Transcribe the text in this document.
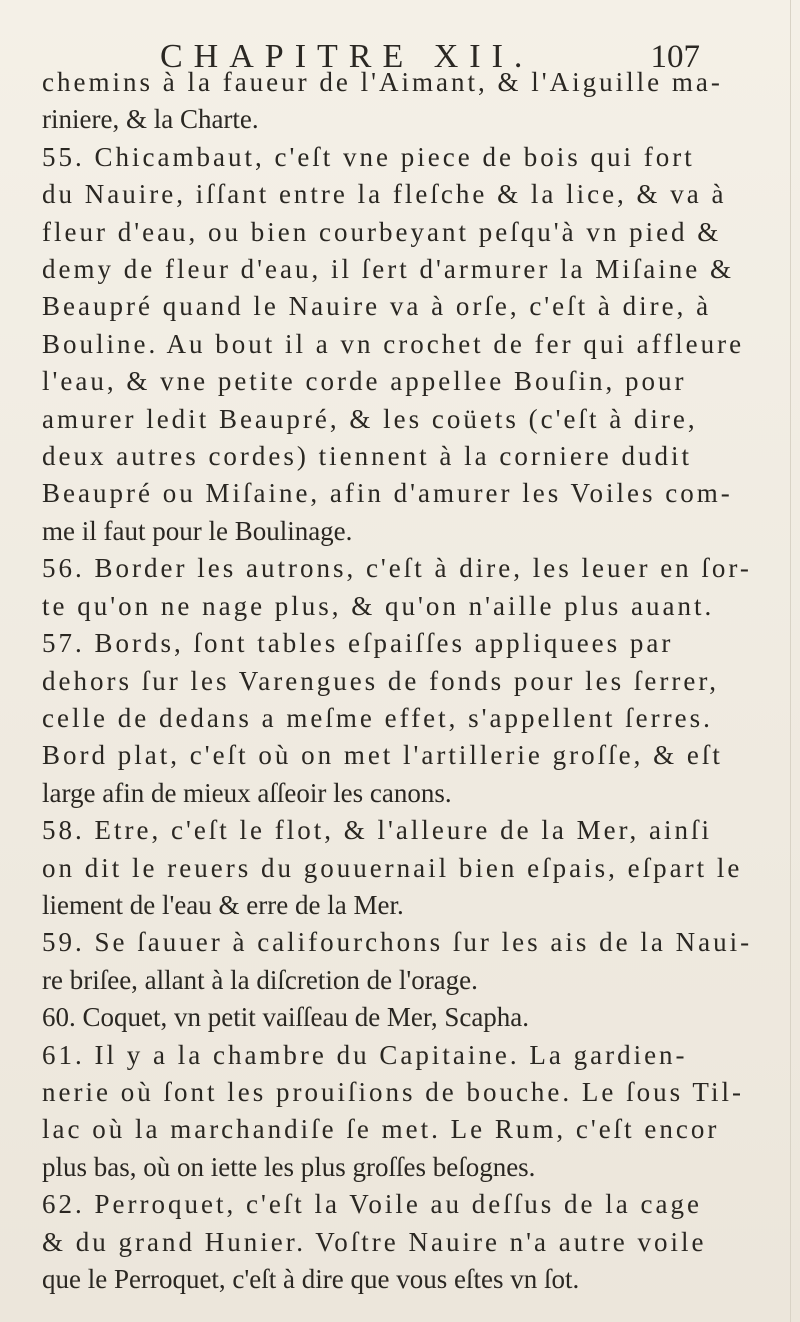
CHAPITRE XII.	107
chemins à la faueur de l'Aimant, & l'Aiguille ma-
riniere, & la Charte.
55. Chicambaut, c'eſt vne piece de bois qui fort
du Nauire, iſſant entre la fleſche & la lice, & va à
fleur d'eau, ou bien courbeyant peſqu'à vn pied &
demy de fleur d'eau, il ſert d'armurer la Miſaine &
Beaupré quand le Nauire va à orſe, c'eſt à dire, à
Bouline. Au bout il a vn crochet de fer qui affleure
l'eau, & vne petite corde appellee Bouſin, pour
amurer ledit Beaupré, & les coüets (c'eſt à dire,
deux autres cordes) tiennent à la corniere dudit
Beaupré ou Miſaine, afin d'amurer les Voiles com-
me il faut pour le Boulinage.
56. Border les autrons, c'eſt à dire, les leuer en ſor-
te qu'on ne nage plus, & qu'on n'aille plus auant.
57. Bords, ſont tables eſpaiſſes appliquees par
dehors ſur les Varengues de fonds pour les ſerrer,
celle de dedans a meſme effet, s'appellent ſerres.
Bord plat, c'eſt où on met l'artillerie groſſe, & eſt
large afin de mieux aſſeoir les canons.
58. Etre, c'eſt le flot, & l'alleure de la Mer, ainſi
on dit le reuers du gouuernail bien eſpais, eſpart le
liement de l'eau & erre de la Mer.
59. Se ſauuer à califourchons ſur les ais de la Naui-
re briſee, allant à la diſcretion de l'orage.
60. Coquet, vn petit vaiſſeau de Mer, Scapha.
61. Il y a la chambre du Capitaine. La gardien-
nerie où ſont les prouiſions de bouche. Le ſous Til-
lac où la marchandiſe ſe met. Le Rum, c'eſt encor
plus bas, où on iette les plus groſſes beſognes.
62. Perroquet, c'eſt la Voile au deſſus de la cage
& du grand Hunier. Voſtre Nauire n'a autre voile
que le Perroquet, c'eſt à dire que vous eſtes vn ſot.
